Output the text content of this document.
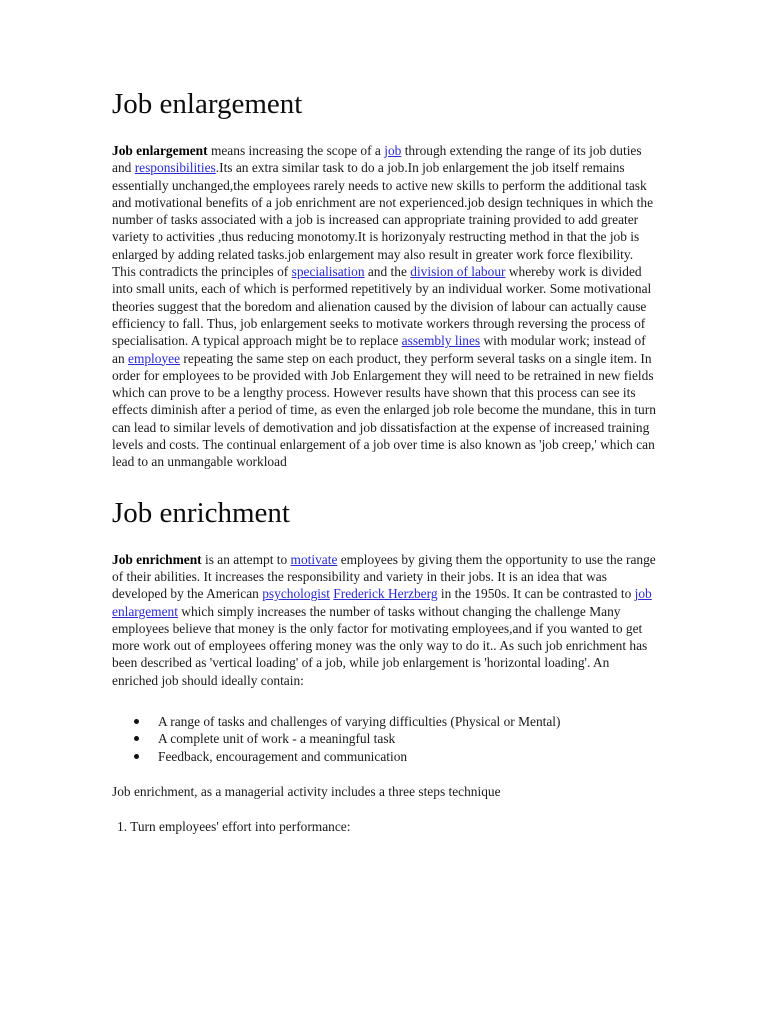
Job enlargement

Job enlargement means increasing the scope of a job through extending the range of its job duties and responsibilities.Its an extra similar task to do a job.In job enlargement the job itself remains essentially unchanged,the employees rarely needs to active new skills to perform the additional task and motivational benefits of a job enrichment are not experienced.job design techniques in which the number of tasks associated with a job is increased can appropriate training provided to add greater variety to activities ,thus reducing monotomy.It is horizonyaly restructing method in that the job is enlarged by adding related tasks.job enlargement may also result in greater work force flexibility. This contradicts the principles of specialisation and the division of labour whereby work is divided into small units, each of which is performed repetitively by an individual worker. Some motivational theories suggest that the boredom and alienation caused by the division of labour can actually cause efficiency to fall. Thus, job enlargement seeks to motivate workers through reversing the process of specialisation. A typical approach might be to replace assembly lines with modular work; instead of an employee repeating the same step on each product, they perform several tasks on a single item. In order for employees to be provided with Job Enlargement they will need to be retrained in new fields which can prove to be a lengthy process. However results have shown that this process can see its effects diminish after a period of time, as even the enlarged job role become the mundane, this in turn can lead to similar levels of demotivation and job dissatisfaction at the expense of increased training levels and costs. The continual enlargement of a job over time is also known as 'job creep,' which can lead to an unmangable workload

Job enrichment

Job enrichment is an attempt to motivate employees by giving them the opportunity to use the range of their abilities. It increases the responsibility and variety in their jobs. It is an idea that was developed by the American psychologist Frederick Herzberg in the 1950s. It can be contrasted to job enlargement which simply increases the number of tasks without changing the challenge Many employees believe that money is the only factor for motivating employees,and if you wanted to get more work out of employees offering money was the only way to do it.. As such job enrichment has been described as 'vertical loading' of a job, while job enlargement is 'horizontal loading'. An enriched job should ideally contain:

A range of tasks and challenges of varying difficulties (Physical or Mental)
A complete unit of work - a meaningful task
Feedback, encouragement and communication

Job enrichment, as a managerial activity includes a three steps technique

1. Turn employees' effort into performance:
